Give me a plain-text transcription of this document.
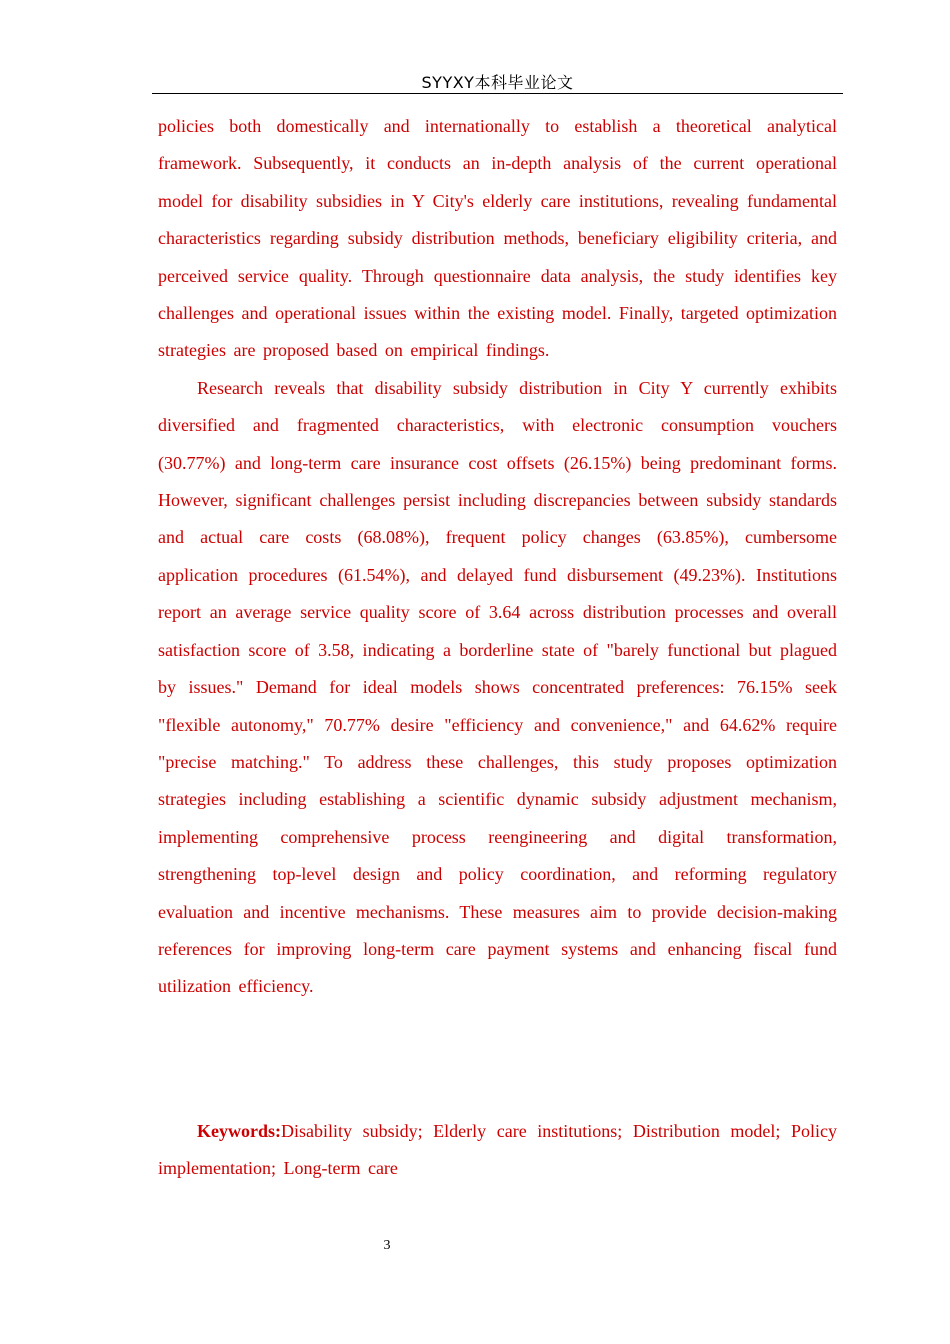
SYYXY本科毕业论文

policies both domestically and internationally to establish a theoretical analytical framework. Subsequently, it conducts an in-depth analysis of the current operational model for disability subsidies in Y City's elderly care institutions, revealing fundamental characteristics regarding subsidy distribution methods, beneficiary eligibility criteria, and perceived service quality. Through questionnaire data analysis, the study identifies key challenges and operational issues within the existing model. Finally, targeted optimization strategies are proposed based on empirical findings.

Research reveals that disability subsidy distribution in City Y currently exhibits diversified and fragmented characteristics, with electronic consumption vouchers (30.77%) and long-term care insurance cost offsets (26.15%) being predominant forms. However, significant challenges persist including discrepancies between subsidy standards and actual care costs (68.08%), frequent policy changes (63.85%), cumbersome application procedures (61.54%), and delayed fund disbursement (49.23%). Institutions report an average service quality score of 3.64 across distribution processes and overall satisfaction score of 3.58, indicating a borderline state of "barely functional but plagued by issues." Demand for ideal models shows concentrated preferences: 76.15% seek "flexible autonomy," 70.77% desire "efficiency and convenience," and 64.62% require "precise matching." To address these challenges, this study proposes optimization strategies including establishing a scientific dynamic subsidy adjustment mechanism, implementing comprehensive process reengineering and digital transformation, strengthening top-level design and policy coordination, and reforming regulatory evaluation and incentive mechanisms. These measures aim to provide decision-making references for improving long-term care payment systems and enhancing fiscal fund utilization efficiency.

Keywords:Disability subsidy; Elderly care institutions; Distribution model; Policy implementation; Long-term care
3
